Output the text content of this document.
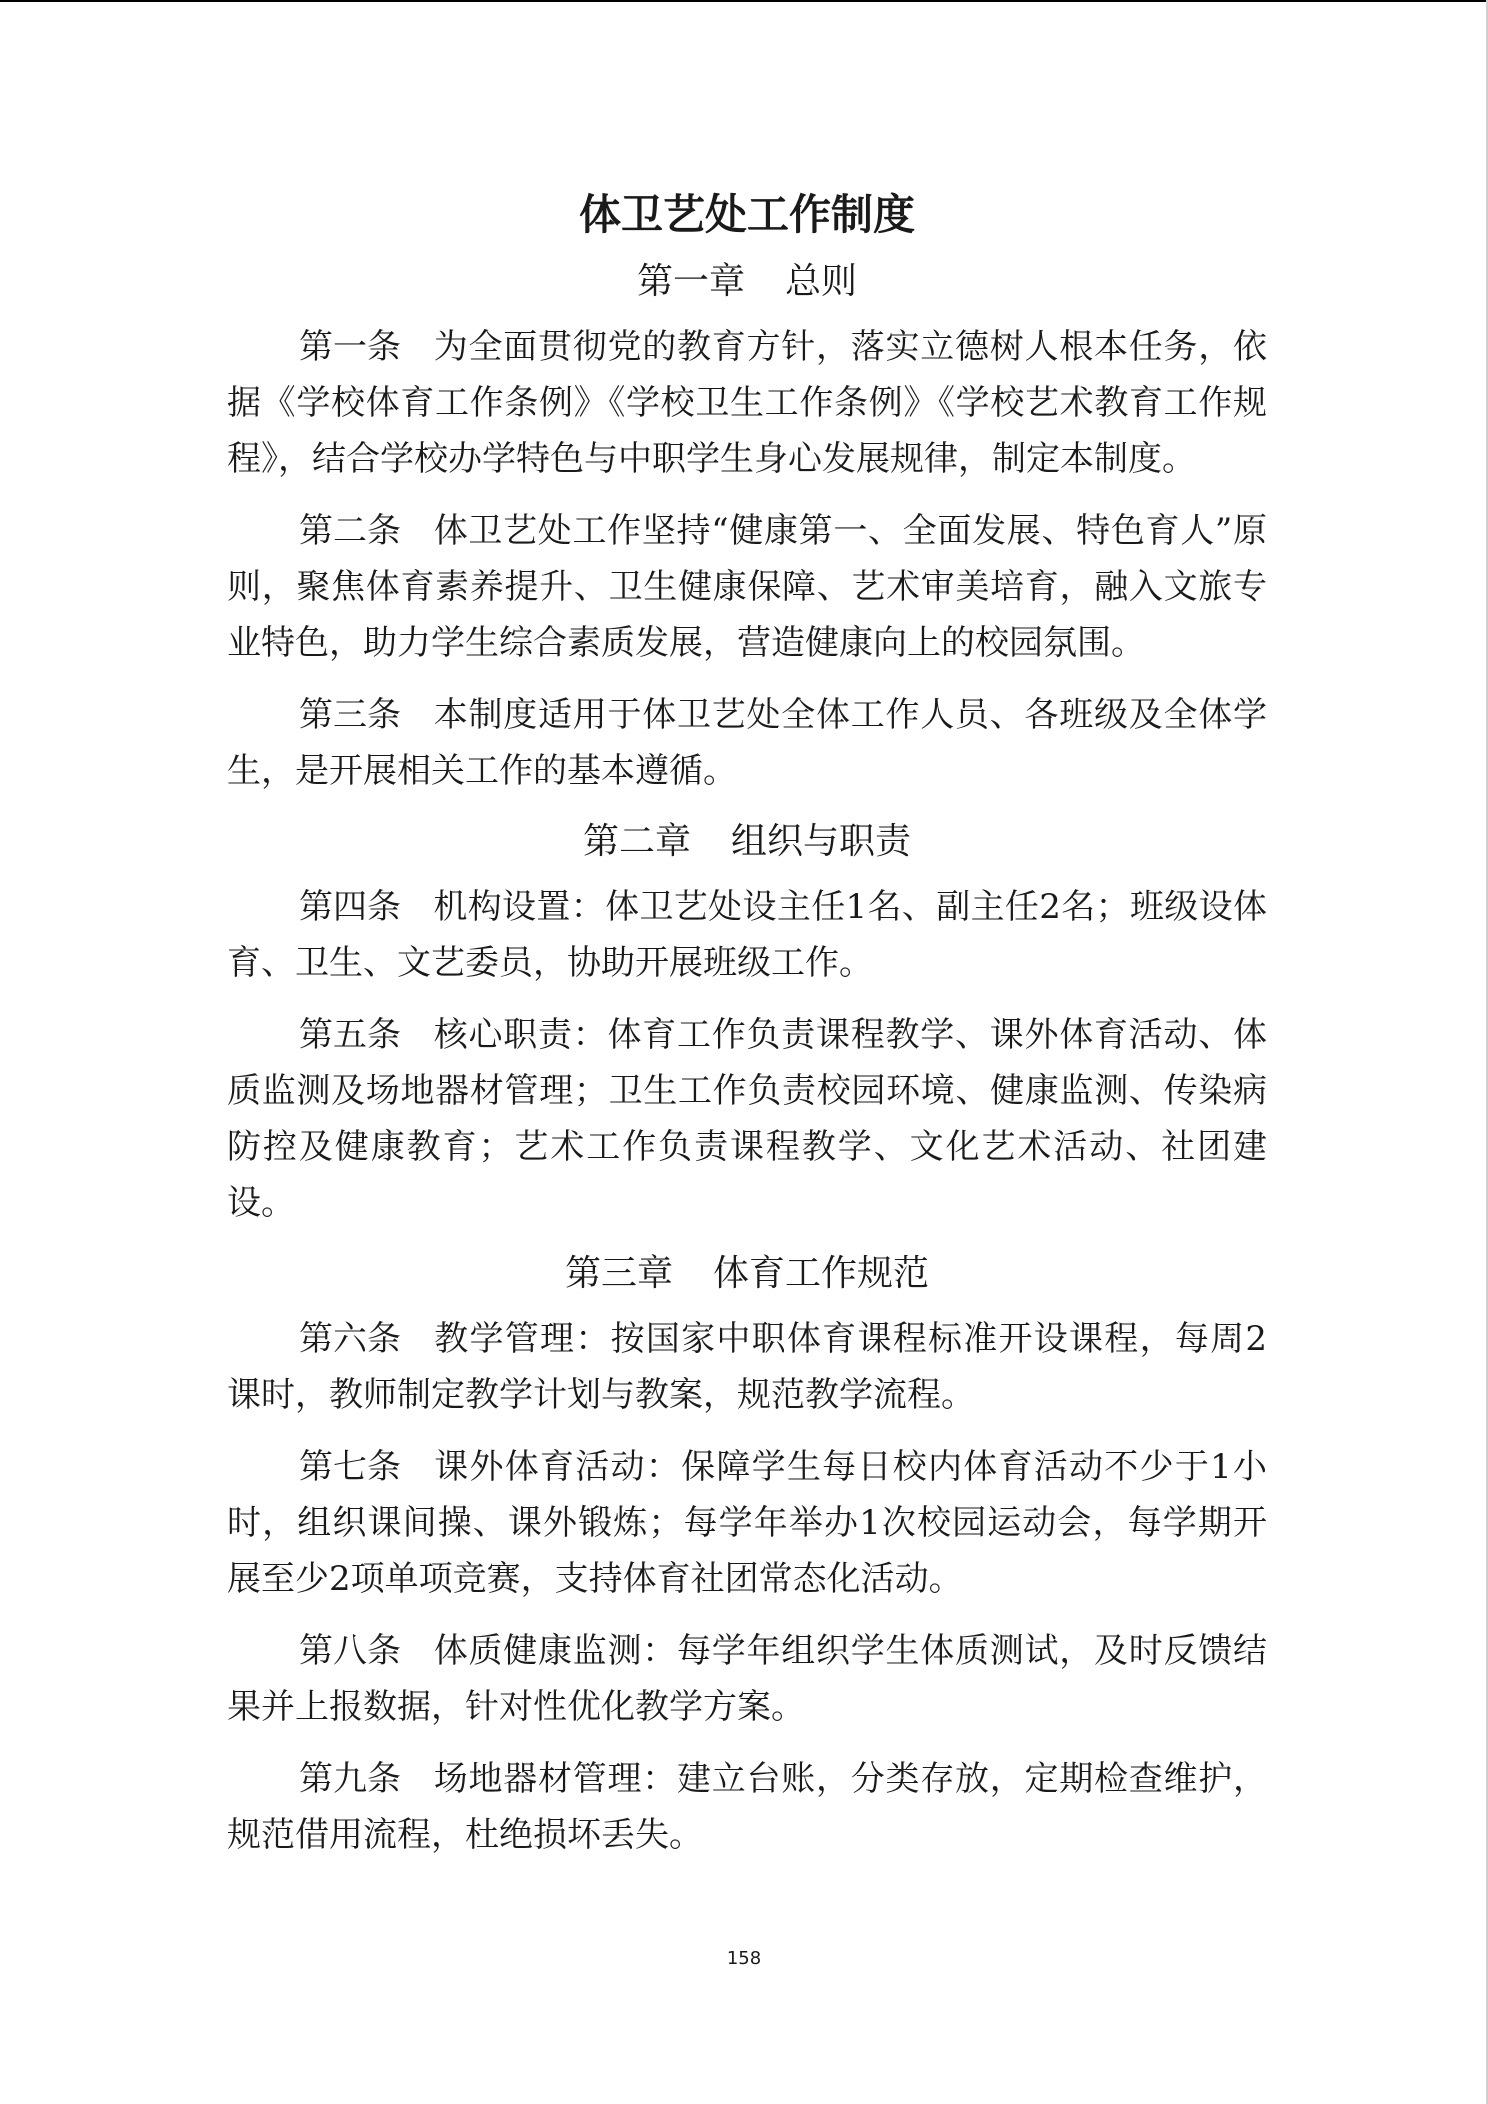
体卫艺处工作制度
第一章 总则

第一条 为全面贯彻党的教育方针，落实立德树人根本任务，依据《学校体育工作条例》《学校卫生工作条例》《学校艺术教育工作规程》，结合学校办学特色与中职学生身心发展规律，制定本制度。

第二条 体卫艺处工作坚持“健康第一、全面发展、特色育人”原则，聚焦体育素养提升、卫生健康保障、艺术审美培育，融入文旅专业特色，助力学生综合素质发展，营造健康向上的校园氛围。

第三条 本制度适用于体卫艺处全体工作人员、各班级及全体学生，是开展相关工作的基本遵循。

第二章 组织与职责

第四条 机构设置：体卫艺处设主任1名、副主任2名；班级设体育、卫生、文艺委员，协助开展班级工作。

第五条 核心职责：体育工作负责课程教学、课外体育活动、体质监测及场地器材管理；卫生工作负责校园环境、健康监测、传染病防控及健康教育；艺术工作负责课程教学、文化艺术活动、社团建设。

第三章 体育工作规范

第六条 教学管理：按国家中职体育课程标准开设课程，每周2课时，教师制定教学计划与教案，规范教学流程。

第七条 课外体育活动：保障学生每日校内体育活动不少于1小时，组织课间操、课外锻炼；每学年举办1次校园运动会，每学期开展至少2项单项竞赛，支持体育社团常态化活动。

第八条 体质健康监测：每学年组织学生体质测试，及时反馈结果并上报数据，针对性优化教学方案。

第九条 场地器材管理：建立台账，分类存放，定期检查维护，规范借用流程，杜绝损坏丢失。

158
